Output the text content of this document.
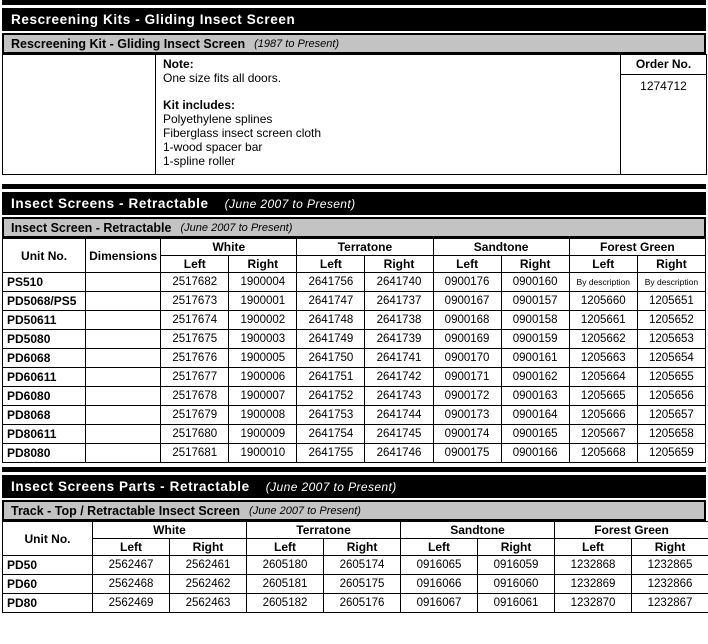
Rescreening Kits - Gliding Insect Screen
Rescreening Kit - Gliding Insect Screen (1987 to Present)

Note:
One size fits all doors.
Kit includes:
Polyethylene splines
Fiberglass insect screen cloth
1-wood spacer bar
1-spline roller

Order No.
1274712
Insect Screens - Retractable (June 2007 to Present)
Insect Screen - Retractable (June 2007 to Present)
Unit No.	Dimensions	White		Terratone		Sandtone		Forest Green	
		Left	Right	Left	Right	Left	Right	Left	Right
PS510		2517682	1900004	2641756	2641740	0900176	0900160	By description	By description
PD5068/PS5		2517673	1900001	2641747	2641737	0900167	0900157	1205660	1205651
PD50611		2517674	1900002	2641748	2641738	0900168	0900158	1205661	1205652
PD5080		2517675	1900003	2641749	2641739	0900169	0900159	1205662	1205653
PD6068		2517676	1900005	2641750	2641741	0900170	0900161	1205663	1205654
PD60611		2517677	1900006	2641751	2641742	0900171	0900162	1205664	1205655
PD6080		2517678	1900007	2641752	2641743	0900172	0900163	1205665	1205656
PD8068		2517679	1900008	2641753	2641744	0900173	0900164	1205666	1205657
PD80611		2517680	1900009	2641754	2641745	0900174	0900165	1205667	1205658
PD8080		2517681	1900010	2641755	2641746	0900175	0900166	1205668	1205659
Insect Screens Parts - Retractable (June 2007 to Present)
Track - Top / Retractable Insect Screen (June 2007 to Present)
Unit No.	White		Terratone		Sandtone		Forest Green	
	Left	Right	Left	Right	Left	Right	Left	Right
PD50	2562467	2562461	2605180	2605174	0916065	0916059	1232868	1232865
PD60	2562468	2562462	2605181	2605175	0916066	0916060	1232869	1232866
PD80	2562469	2562463	2605182	2605176	0916067	0916061	1232870	1232867
